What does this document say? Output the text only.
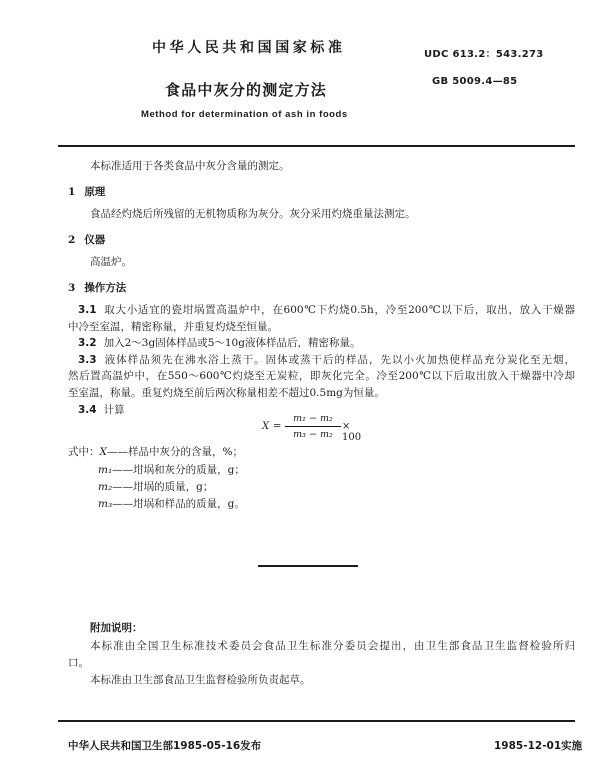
中华人民共和国国家标准	UDC 613.2：543.273
食品中灰分的测定方法	GB 5009.4—85
Method for determination of ash in foods
本标准适用于各类食品中灰分含量的测定。
1 原理
食品经灼烧后所残留的无机物质称为灰分。灰分采用灼烧重量法测定。
2 仪器
高温炉。
3 操作方法
3.1 取大小适宜的瓷坩埚置高温炉中，在600℃下灼烧0.5h，冷至200℃以下后，取出，放入干燥器
中冷至室温，精密称量，并重复灼烧至恒量。
3.2 加入2～3g固体样品或5～10g液体样品后，精密称量。
3.3 液体样品须先在沸水浴上蒸干。固体或蒸干后的样品，先以小火加热使样品充分炭化至无烟，
然后置高温炉中，在550～600℃灼烧至无炭粒，即灰化完全。冷至200℃以下后取出放入干燥器中冷却
至室温，称量。重复灼烧至前后两次称量相差不超过0.5mg为恒量。
3.4 计算
X =
m₁ − m₂
m₃ − m₂
× 100
式中：X——样品中灰分的含量，%；
m₁——坩埚和灰分的质量，g；
m₂——坩埚的质量，g；
m₃——坩埚和样品的质量，g。
附加说明：
本标准由全国卫生标准技术委员会食品卫生标准分委员会提出，由卫生部食品卫生监督检验所归
口。
本标准由卫生部食品卫生监督检验所负责起草。
中华人民共和国卫生部1985-05-16发布	1985-12-01实施
